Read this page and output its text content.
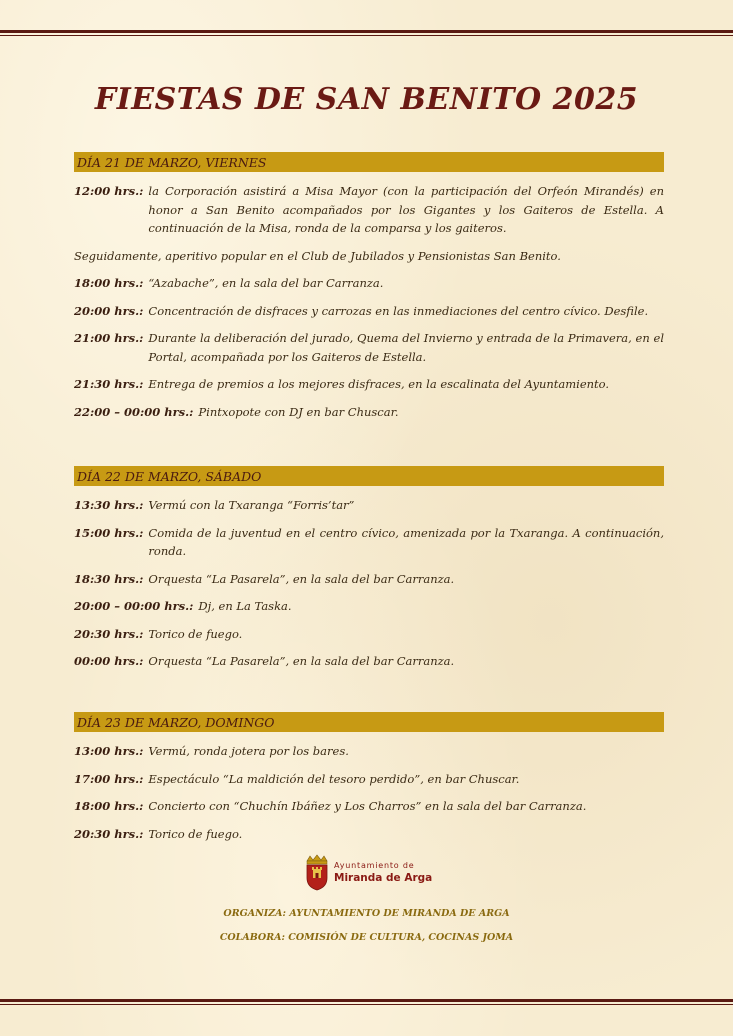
FIESTAS DE SAN BENITO 2025
DÍA 21 DE MARZO, VIERNES
12:00 hrs.: la Corporación asistirá a Misa Mayor (con la participación del Orfeón Mirandés) en honor a San Benito acompañados por los Gigantes y los Gaiteros de Estella. A continuación de la Misa, ronda de la comparsa y los gaiteros.
Seguidamente, aperitivo popular en el Club de Jubilados y Pensionistas San Benito.
18:00 hrs.: “Azabache”, en la sala del bar Carranza.
20:00 hrs.: Concentración de disfraces y carrozas en las inmediaciones del centro cívico. Desfile.
21:00 hrs.: Durante la deliberación del jurado, Quema del Invierno y entrada de la Primavera, en el Portal, acompañada por los Gaiteros de Estella.
21:30 hrs.: Entrega de premios a los mejores disfraces, en la escalinata del Ayuntamiento.
22:00 – 00:00 hrs.: Pintxopote con DJ en bar Chuscar.
DÍA 22 DE MARZO, SÁBADO
13:30 hrs.: Vermú con la Txaranga “Forris’tar”
15:00 hrs.: Comida de la juventud en el centro cívico, amenizada por la Txaranga. A continuación, ronda.
18:30 hrs.: Orquesta “La Pasarela”, en la sala del bar Carranza.
20:00 – 00:00 hrs.: Dj, en La Taska.
20:30 hrs.: Torico de fuego.
00:00 hrs.: Orquesta “La Pasarela”, en la sala del bar Carranza.
DÍA 23 DE MARZO, DOMINGO
13:00 hrs.: Vermú, ronda jotera por los bares.
17:00 hrs.: Espectáculo “La maldición del tesoro perdido”, en bar Chuscar.
18:00 hrs.: Concierto con “Chuchín Ibáñez y Los Charros” en la sala del bar Carranza.
20:30 hrs.: Torico de fuego.
Ayuntamiento de
Miranda de Arga
ORGANIZA: AYUNTAMIENTO DE MIRANDA DE ARGA
COLABORA: COMISIÓN DE CULTURA, COCINAS JOMA
